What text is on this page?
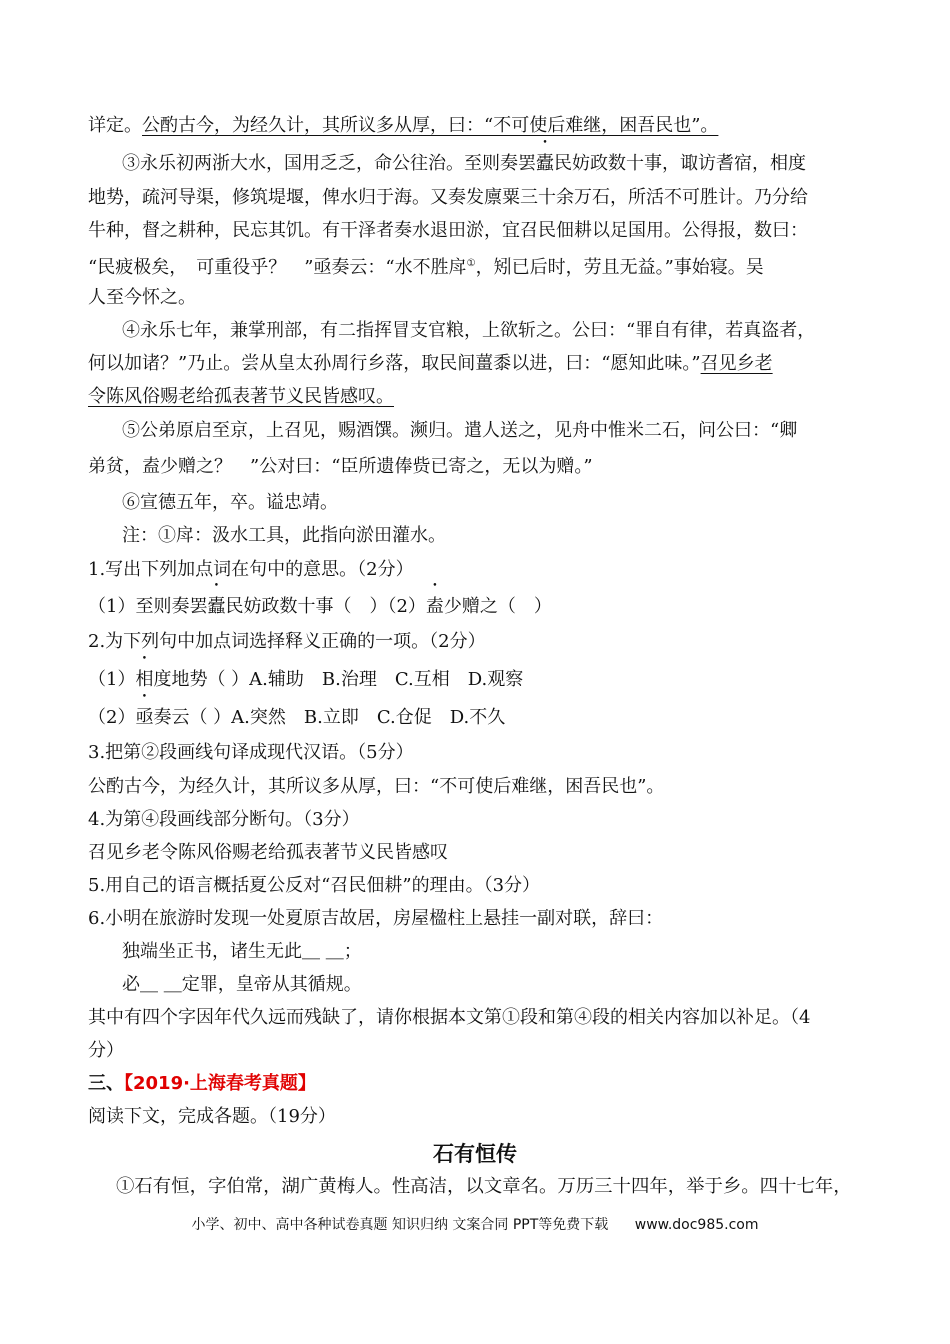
详定。公酌古今，为经久计，其所议多从厚，曰：“不可使后难继，困吾民也”。
③永乐初两浙大水，国用乏乏，命公往治。至则奏罢蠹民妨政数十事，诹访耆宿，相度
地势，疏河导渠，修筑堤堰，俾水归于海。又奏发廪粟三十余万石，所活不可胜计。乃分给
牛种，督之耕种，民忘其饥。有干泽者奏水退田淤，宜召民佃耕以足国用。公得报，数曰：
“民疲极矣，　可重役乎？　”亟奏云：“水不胜戽①，矧已后时，劳且无益。”事始寝。吴
人至今怀之。
④永乐七年，兼掌刑部，有二指挥冒支官粮，上欲斩之。公曰：“罪自有律，若真盗者，
何以加诸？”乃止。尝从皇太孙周行乡落，取民间薑黍以进，曰：“愿知此味。”召见乡老
令陈风俗赐老给孤表著节义民皆感叹。
⑤公弟原启至京，上召见，赐酒馔。濒归。遣人送之，见舟中惟米二石，问公曰：“卿
弟贫，盍少赠之？　”公对曰：“臣所遗俸赀已寄之，无以为赠。”
⑥宣德五年，卒。谥忠靖。
注：①戽：汲水工具，此指向淤田灌水。
1.写出下列加点词在句中的意思。（2分）
（1）至则奏罢蠹民妨政数十事（　）（2）盍少赠之（　）
2.为下列句中加点词选择释义正确的一项。（2分）
（1）相度地势（ ）A.辅助　B.治理　C.互相　D.观察
（2）亟奏云（ ）A.突然　B.立即　C.仓促　D.不久
3.把第②段画线句译成现代汉语。（5分）
公酌古今，为经久计，其所议多从厚，曰：“不可使后难继，困吾民也”。
4.为第④段画线部分断句。（3分）
召见乡老令陈风俗赐老给孤表著节义民皆感叹
5.用自己的语言概括夏公反对“召民佃耕”的理由。（3分）
6.小明在旅游时发现一处夏原吉故居，房屋楹柱上悬挂一副对联，辞曰：
独端坐正书，诸生无此＿ ＿；
必＿ ＿定罪，皇帝从其循规。
其中有四个字因年代久远而残缺了，请你根据本文第①段和第④段的相关内容加以补足。（4
分）
三、【2019·上海春考真题】
阅读下文，完成各题。（19分）
石有恒传
①石有恒，字伯常，湖广黄梅人。性高洁，以文章名。万历三十四年，举于乡。四十七年，
小学、初中、高中各种试卷真题 知识归纳 文案合同 PPT等免费下载 www.doc985.com
